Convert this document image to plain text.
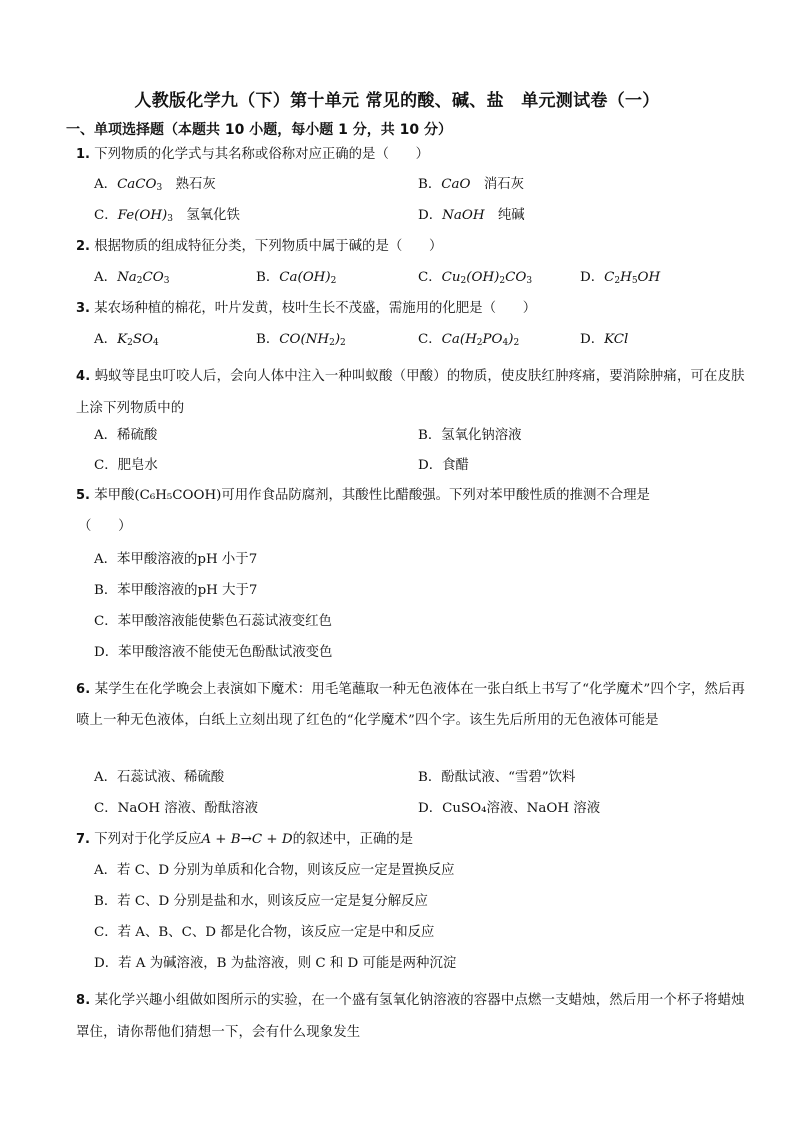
人教版化学九（下）第十单元 常见的酸、碱、盐　单元测试卷（一）
一、单项选择题（本题共 10 小题，每小题 1 分，共 10 分）
1. 下列物质的化学式与其名称或俗称对应正确的是（　　）
A．CaCO$_3$　 熟石灰	B．CaO　 消石灰
C．$Fe(OH)_3$　 氢氧化铁	D．NaOH　 纯碱
2. 根据物质的组成特征分类，下列物质中属于碱的是（　　）
A．$Na_2CO_3$	B．$Ca(OH)_2$	C．$Cu_2(OH)_2CO_3$	D．$C_2H_5OH$
3. 某农场种植的棉花，叶片发黄，枝叶生长不茂盛，需施用的化肥是（　　）
A．$K_2SO_4$	B．$CO(NH_2)_2$	C．$Ca(H_2PO_4)_2$	D．KCl
4. 蚂蚁等昆虫叮咬人后，会向人体中注入一种叫蚁酸（甲酸）的物质，使皮肤红肿疼痛，要消除肿痛，可在皮肤上涂下列物质中的
A．稀硫酸	B．氢氧化钠溶液
C．肥皂水	D．食醋
5. 苯甲酸(C₆H₅COOH)可用作食品防腐剂，其酸性比醋酸强。下列对苯甲酸性质的推测不合理是
（　　）
A．苯甲酸溶液的pH 小于7
B．苯甲酸溶液的pH 大于7
C．苯甲酸溶液能使紫色石蕊试液变红色
D．苯甲酸溶液不能使无色酚酞试液变色
6. 某学生在化学晚会上表演如下魔术：用毛笔蘸取一种无色液体在一张白纸上书写了“化学魔术”四个字，然后再喷上一种无色液体，白纸上立刻出现了红色的“化学魔术”四个字。该生先后所用的无色液体可能是
A．石蕊试液、稀硫酸	B．酚酞试液、“雪碧”饮料
C．NaOH 溶液、酚酞溶液	D．CuSO₄溶液、NaOH 溶液
7. 下列对于化学反应A + B→C + D的叙述中，正确的是
A．若 C、D 分别为单质和化合物，则该反应一定是置换反应
B．若 C、D 分别是盐和水，则该反应一定是复分解反应
C．若 A、B、C、D 都是化合物，该反应一定是中和反应
D．若 A 为碱溶液，B 为盐溶液，则 C 和 D 可能是两种沉淀
8. 某化学兴趣小组做如图所示的实验，在一个盛有氢氧化钠溶液的容器中点燃一支蜡烛，然后用一个杯子将蜡烛罩住，请你帮他们猜想一下，会有什么现象发生
